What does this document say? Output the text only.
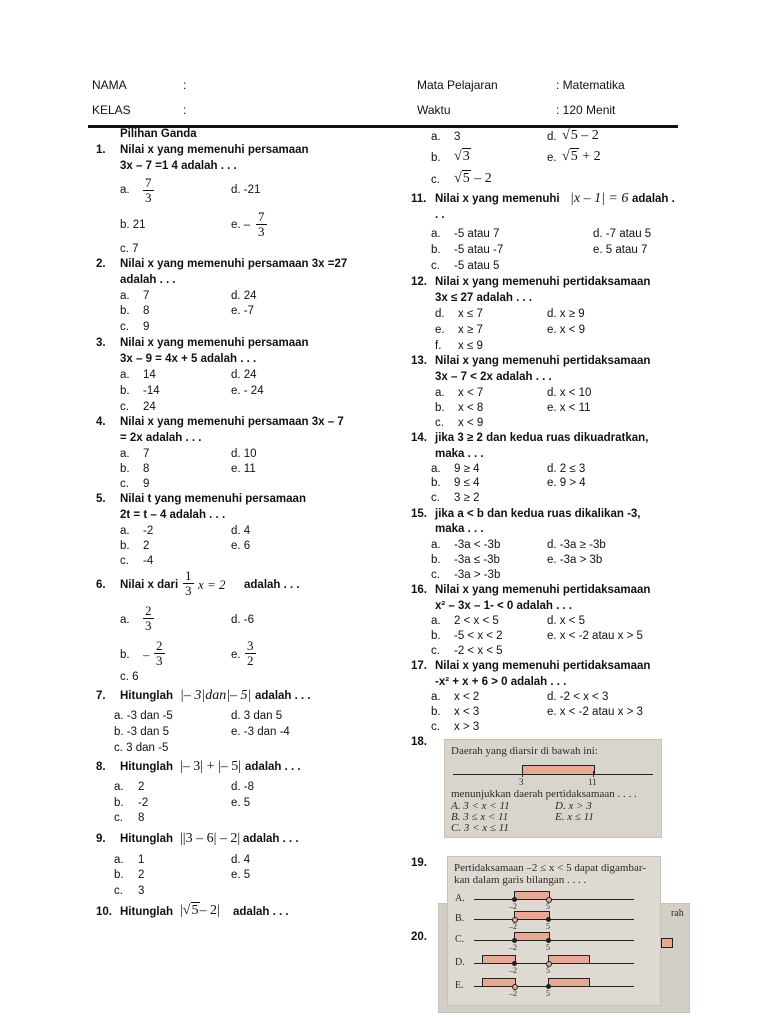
NAMA	:
KELAS	:
Mata Pelajaran	: Matematika
Waktu	: 120 Menit
Pilihan Ganda
1. Nilai x yang memenuhi persamaan
3x – 7 =1 4 adalah . . .
a. $\frac{7}{3}$	d. -21
b. 21	e. – $\frac{7}{3}$
c. 7
2. Nilai x yang memenuhi persamaan 3x =27
adalah . . .
a. 7	d. 24
b. 8	e. -7
c. 9
3. Nilai x yang memenuhi persamaan
3x – 9 = 4x + 5 adalah . . .
a. 14	d. 24
b. -14	e. - 24
c. 24
4. Nilai x yang memenuhi persamaan 3x – 7
= 2x adalah . . .
a. 7	d. 10
b. 8	e. 11
c. 9
5. Nilai t yang memenuhi persamaan
2t = t – 4 adalah . . .
a. -2	d. 4
b. 2	e. 6
c. -4
6. Nilai x dari $\frac{1}{3}$ x = 2 adalah . . .
a. $\frac{2}{3}$	d. -6
b. – $\frac{2}{3}$	e. $\frac{3}{2}$
c. 6
7. Hitunglah |– 3|dan|– 5| adalah . . .
a. -3 dan -5	d. 3 dan 5
b. -3 dan 5	e. -3 dan -4
c. 3 dan -5
8. Hitunglah |– 3| + |– 5| adalah . . .
a. 2	d. -8
b. -2	e. 5
c. 8
9. Hitunglah ||3 – 6| – 2| adalah . . .
a. 1	d. 4
b. 2	e. 5
c. 3
10. Hitunglah |√5– 2| adalah . . .
a. 3	d. √5 – 2
b. √3	e. √5 + 2
c. √5 – 2
11. Nilai x yang memenuhi |x – 1| = 6 adalah .
. .
a. -5 atau 7	d. -7 atau 5
b. -5 atau -7	e. 5 atau 7
c. -5 atau 5
12. Nilai x yang memenuhi pertidaksamaan
3x ≤ 27 adalah . . .
d. x ≤ 7	d. x ≥ 9
e. x ≥ 7	e. x < 9
f. x ≤ 9
13. Nilai x yang memenuhi pertidaksamaan
3x – 7 < 2x adalah . . .
a. x < 7	d. x < 10
b. x < 8	e. x < 11
c. x < 9
14. jika 3 ≥ 2 dan kedua ruas dikuadratkan,
maka . . .
a. 9 ≥ 4	d. 2 ≤ 3
b. 9 ≤ 4	e. 9 > 4
c. 3 ≥ 2
15. jika a < b dan kedua ruas dikalikan -3,
maka . . .
a. -3a < -3b	d. -3a ≥ -3b
b. -3a ≤ -3b	e. -3a > 3b
c. -3a > -3b
16. Nilai x yang memenuhi pertidaksamaan
x² – 3x – 1- < 0 adalah . . .
a. 2 < x < 5	d. x < 5
b. -5 < x < 2	e. x < -2 atau x > 5
c. -2 < x < 5
17. Nilai x yang memenuhi pertidaksamaan
-x² + x + 6 > 0 adalah . . .
a. x < 2	d. -2 < x < 3
b. x < 3	e. x < -2 atau x > 3
c. x > 3
18.
Daerah yang diarsir di bawah ini:
3	11
menunjukkan daerah pertidaksamaan . . . .
A. 3 < x < 11
B. 3 ≤ x < 11
C. 3 < x ≤ 11
D. x > 3
E. x ≤ 11
19.
20.
rah
Pertidaksamaan –2 ≤ x < 5 dapat digambar-
kan dalam garis bilangan . . . .
A.
–2	5
B.
–2	5
C.
–2	5
D.
–2	5
E.
–2	5
